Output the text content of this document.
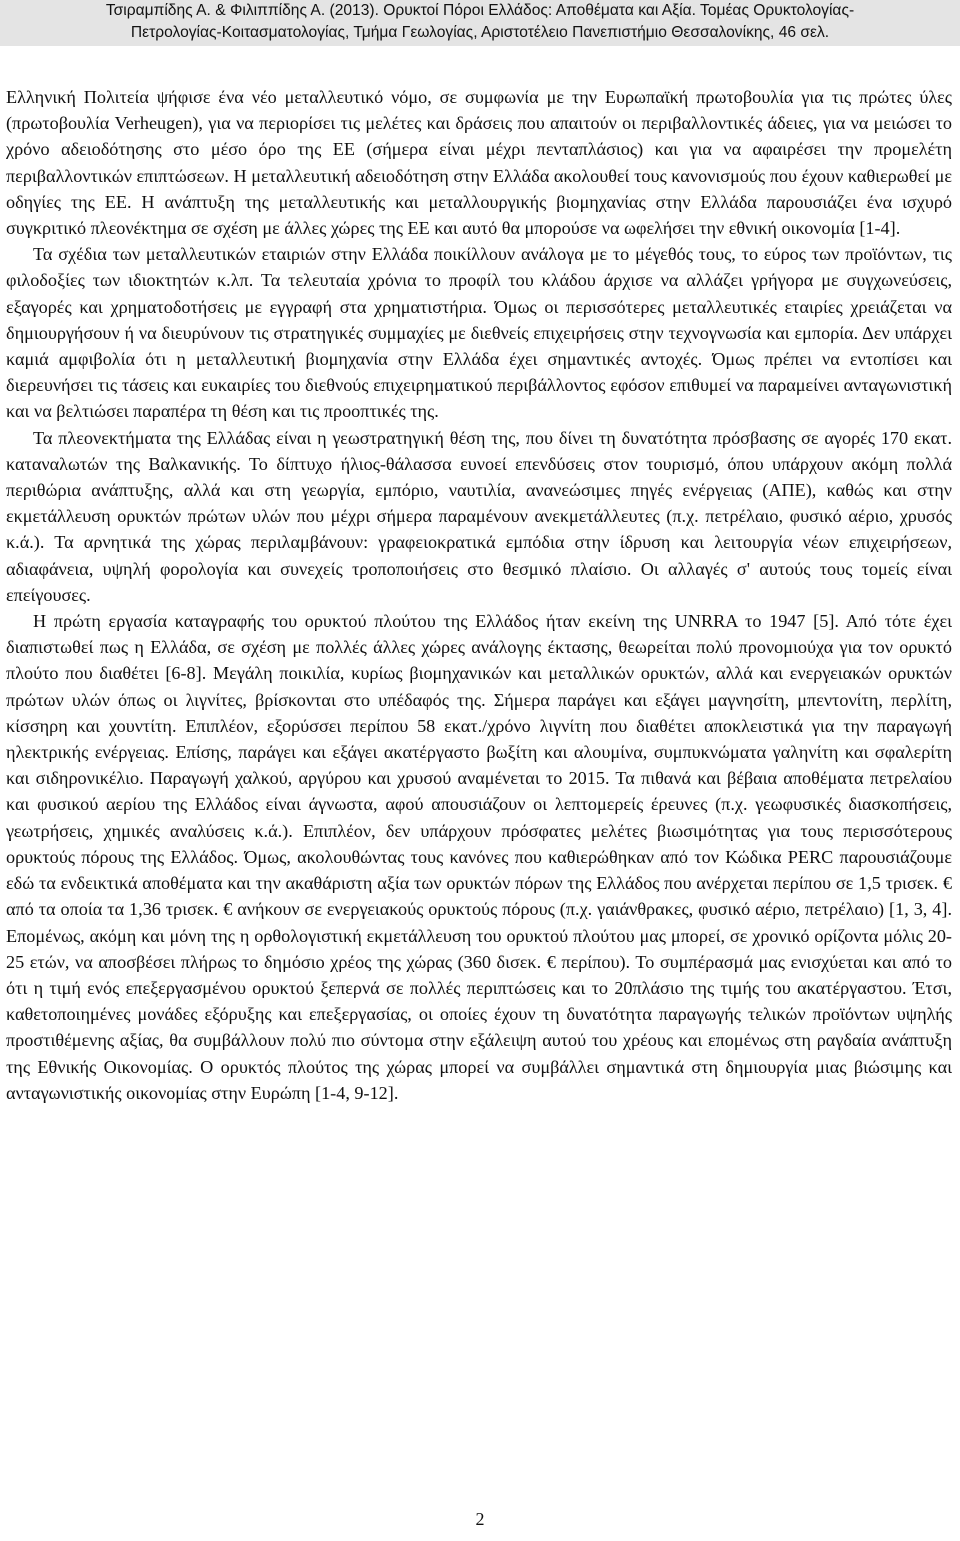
Τσιραμπίδης Α. & Φιλιππίδης Α. (2013). Ορυκτοί Πόροι Ελλάδος: Αποθέματα και Αξία. Τομέας Ορυκτολογίας-
Πετρολογίας-Κοιτασματολογίας, Τμήμα Γεωλογίας, Αριστοτέλειο Πανεπιστήμιο Θεσσαλονίκης, 46 σελ.

Ελληνική Πολιτεία ψήφισε ένα νέο μεταλλευτικό νόμο, σε συμφωνία με την Ευρωπαϊκή πρωτοβουλία για τις πρώτες ύλες (πρωτοβουλία Verheugen), για να περιορίσει τις μελέτες και δράσεις που απαιτούν οι περιβαλλοντικές άδειες, για να μειώσει το χρόνο αδειοδότησης στο μέσο όρο της ΕΕ (σήμερα είναι μέχρι πενταπλάσιος) και για να αφαιρέσει την προμελέτη περιβαλλοντικών επιπτώσεων. Η μεταλλευτική αδειοδότηση στην Ελλάδα ακολουθεί τους κανονισμούς που έχουν καθιερωθεί με οδηγίες της ΕΕ. Η ανάπτυξη της μεταλλευτικής και μεταλλουργικής βιομηχανίας στην Ελλάδα παρουσιάζει ένα ισχυρό συγκριτικό πλεονέκτημα σε σχέση με άλλες χώρες της ΕΕ και αυτό θα μπορούσε να ωφελήσει την εθνική οικονομία [1-4].

Τα σχέδια των μεταλλευτικών εταιριών στην Ελλάδα ποικίλλουν ανάλογα με το μέγεθός τους, το εύρος των προϊόντων, τις φιλοδοξίες των ιδιοκτητών κ.λπ. Τα τελευταία χρόνια το προφίλ του κλάδου άρχισε να αλλάζει γρήγορα με συγχωνεύσεις, εξαγορές και χρηματοδοτήσεις με εγγραφή στα χρηματιστήρια. Όμως οι περισσότερες μεταλλευτικές εταιρίες χρειάζεται να δημιουργήσουν ή να διευρύνουν τις στρατηγικές συμμαχίες με διεθνείς επιχειρήσεις στην τεχνογνωσία και εμπορία. Δεν υπάρχει καμιά αμφιβολία ότι η μεταλλευτική βιομηχανία στην Ελλάδα έχει σημαντικές αντοχές. Όμως πρέπει να εντοπίσει και διερευνήσει τις τάσεις και ευκαιρίες του διεθνούς επιχειρηματικού περιβάλλοντος εφόσον επιθυμεί να παραμείνει ανταγωνιστική και να βελτιώσει παραπέρα τη θέση και τις προοπτικές της.

Τα πλεονεκτήματα της Ελλάδας είναι η γεωστρατηγική θέση της, που δίνει τη δυνατότητα πρόσβασης σε αγορές 170 εκατ. καταναλωτών της Βαλκανικής. Το δίπτυχο ήλιος-θάλασσα ευνοεί επενδύσεις στον τουρισμό, όπου υπάρχουν ακόμη πολλά περιθώρια ανάπτυξης, αλλά και στη γεωργία, εμπόριο, ναυτιλία, ανανεώσιμες πηγές ενέργειας (ΑΠΕ), καθώς και στην εκμετάλλευση ορυκτών πρώτων υλών που μέχρι σήμερα παραμένουν ανεκμετάλλευτες (π.χ. πετρέλαιο, φυσικό αέριο, χρυσός κ.ά.). Τα αρνητικά της χώρας περιλαμβάνουν: γραφειοκρατικά εμπόδια στην ίδρυση και λειτουργία νέων επιχειρήσεων, αδιαφάνεια, υψηλή φορολογία και συνεχείς τροποποιήσεις στο θεσμικό πλαίσιο. Οι αλλαγές σ' αυτούς τους τομείς είναι επείγουσες.

Η πρώτη εργασία καταγραφής του ορυκτού πλούτου της Ελλάδος ήταν εκείνη της UNRRA το 1947 [5]. Από τότε έχει διαπιστωθεί πως η Ελλάδα, σε σχέση με πολλές άλλες χώρες ανάλογης έκτασης, θεωρείται πολύ προνομιούχα για τον ορυκτό πλούτο που διαθέτει [6-8]. Μεγάλη ποικιλία, κυρίως βιομηχανικών και μεταλλικών ορυκτών, αλλά και ενεργειακών ορυκτών πρώτων υλών όπως οι λιγνίτες, βρίσκονται στο υπέδαφός της. Σήμερα παράγει και εξάγει μαγνησίτη, μπεντονίτη, περλίτη, κίσσηρη και χουντίτη. Επιπλέον, εξορύσσει περίπου 58 εκατ./χρόνο λιγνίτη που διαθέτει αποκλειστικά για την παραγωγή ηλεκτρικής ενέργειας. Επίσης, παράγει και εξάγει ακατέργαστο βωξίτη και αλουμίνα, συμπυκνώματα γαληνίτη και σφαλερίτη και σιδηρονικέλιο. Παραγωγή χαλκού, αργύρου και χρυσού αναμένεται το 2015. Τα πιθανά και βέβαια αποθέματα πετρελαίου και φυσικού αερίου της Ελλάδος είναι άγνωστα, αφού απουσιάζουν οι λεπτομερείς έρευνες (π.χ. γεωφυσικές διασκοπήσεις, γεωτρήσεις, χημικές αναλύσεις κ.ά.). Επιπλέον, δεν υπάρχουν πρόσφατες μελέτες βιωσιμότητας για τους περισσότερους ορυκτούς πόρους της Ελλάδος. Όμως, ακολουθώντας τους κανόνες που καθιερώθηκαν από τον Κώδικα PERC παρουσιάζουμε εδώ τα ενδεικτικά αποθέματα και την ακαθάριστη αξία των ορυκτών πόρων της Ελλάδος που ανέρχεται περίπου σε 1,5 τρισεκ. € από τα οποία τα 1,36 τρισεκ. € ανήκουν σε ενεργειακούς ορυκτούς πόρους (π.χ. γαιάνθρακες, φυσικό αέριο, πετρέλαιο) [1, 3, 4]. Επομένως, ακόμη και μόνη της η ορθολογιστική εκμετάλλευση του ορυκτού πλούτου μας μπορεί, σε χρονικό ορίζοντα μόλις 20-25 ετών, να αποσβέσει πλήρως το δημόσιο χρέος της χώρας (360 δισεκ. € περίπου). Το συμπέρασμά μας ενισχύεται και από το ότι η τιμή ενός επεξεργασμένου ορυκτού ξεπερνά σε πολλές περιπτώσεις και το 20πλάσιο της τιμής του ακατέργαστου. Έτσι, καθετοποιημένες μονάδες εξόρυξης και επεξεργασίας, οι οποίες έχουν τη δυνατότητα παραγωγής τελικών προϊόντων υψηλής προστιθέμενης αξίας, θα συμβάλλουν πολύ πιο σύντομα στην εξάλειψη αυτού του χρέους και επομένως στη ραγδαία ανάπτυξη της Εθνικής Οικονομίας. Ο ορυκτός πλούτος της χώρας μπορεί να συμβάλλει σημαντικά στη δημιουργία μιας βιώσιμης και ανταγωνιστικής οικονομίας στην Ευρώπη [1-4, 9-12].

2
